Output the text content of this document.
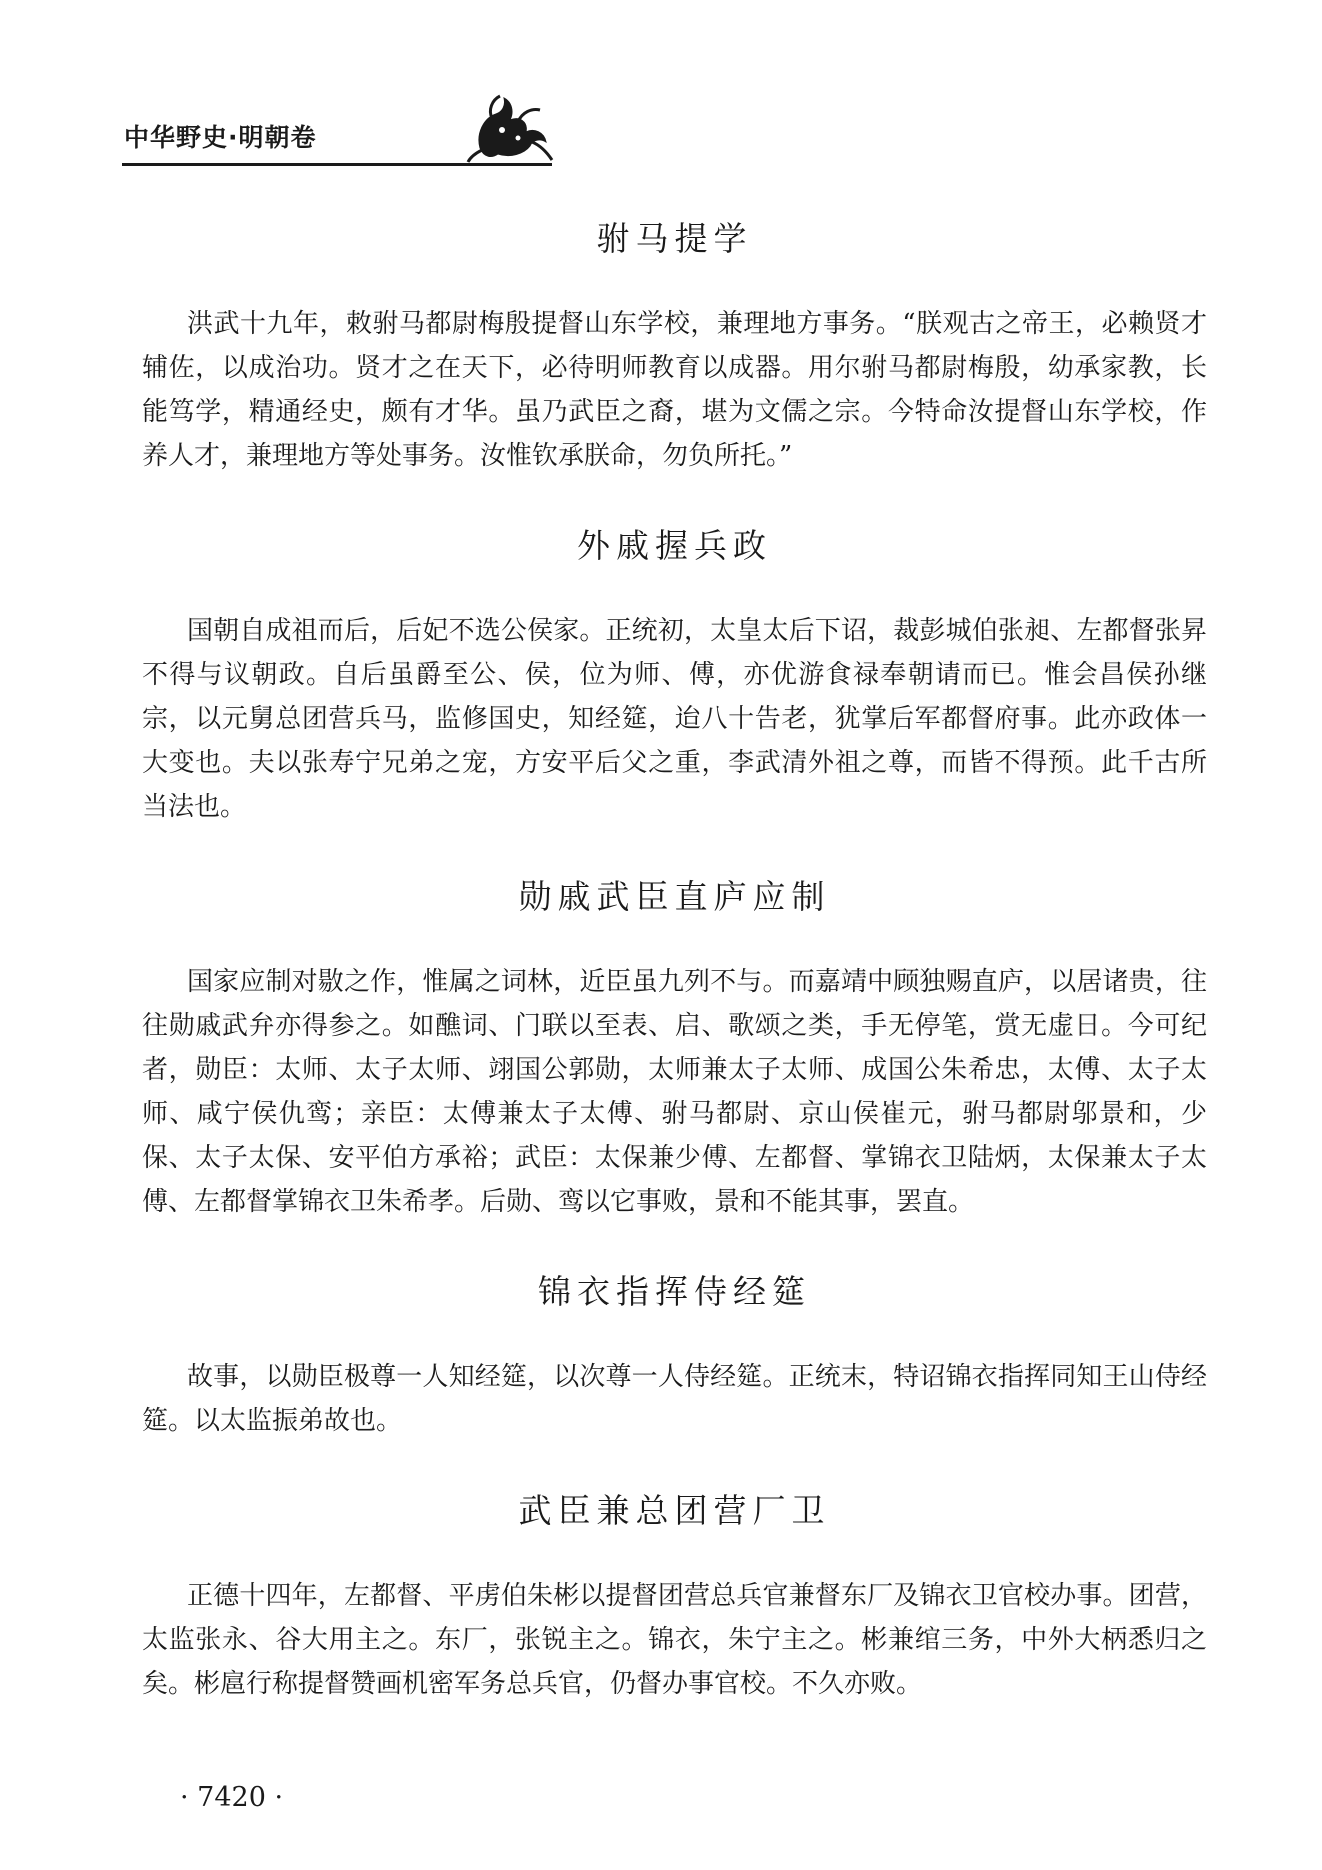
中华野史·明朝卷
驸马提学

洪武十九年，敕驸马都尉梅殷提督山东学校，兼理地方事务。“朕观古之帝王，必赖贤才辅佐，以成治功。贤才之在天下，必待明师教育以成器。用尔驸马都尉梅殷，幼承家教，长能笃学，精通经史，颇有才华。虽乃武臣之裔，堪为文儒之宗。今特命汝提督山东学校，作养人才，兼理地方等处事务。汝惟钦承朕命，勿负所托。”

外戚握兵政

国朝自成祖而后，后妃不选公侯家。正统初，太皇太后下诏，裁彭城伯张昶、左都督张昇不得与议朝政。自后虽爵至公、侯，位为师、傅，亦优游食禄奉朝请而已。惟会昌侯孙继宗，以元舅总团营兵马，监修国史，知经筵，迨八十告老，犹掌后军都督府事。此亦政体一大变也。夫以张寿宁兄弟之宠，方安平后父之重，李武清外祖之尊，而皆不得预。此千古所当法也。

勋戚武臣直庐应制

国家应制对敭之作，惟属之词林，近臣虽九列不与。而嘉靖中顾独赐直庐，以居诸贵，往往勋戚武弁亦得参之。如醮词、门联以至表、启、歌颂之类，手无停笔，赏无虚日。今可纪者，勋臣：太师、太子太师、翊国公郭勋，太师兼太子太师、成国公朱希忠，太傅、太子太师、咸宁侯仇鸾；亲臣：太傅兼太子太傅、驸马都尉、京山侯崔元，驸马都尉邬景和，少保、太子太保、安平伯方承裕；武臣：太保兼少傅、左都督、掌锦衣卫陆炳，太保兼太子太傅、左都督掌锦衣卫朱希孝。后勋、鸾以它事败，景和不能其事，罢直。

锦衣指挥侍经筵

故事，以勋臣极尊一人知经筵，以次尊一人侍经筵。正统末，特诏锦衣指挥同知王山侍经筵。以太监振弟故也。

武臣兼总团营厂卫

正德十四年，左都督、平虏伯朱彬以提督团营总兵官兼督东厂及锦衣卫官校办事。团营，太监张永、谷大用主之。东厂，张锐主之。锦衣，朱宁主之。彬兼绾三务，中外大柄悉归之矣。彬扈行称提督赞画机密军务总兵官，仍督办事官校。不久亦败。

· 7420 ·
